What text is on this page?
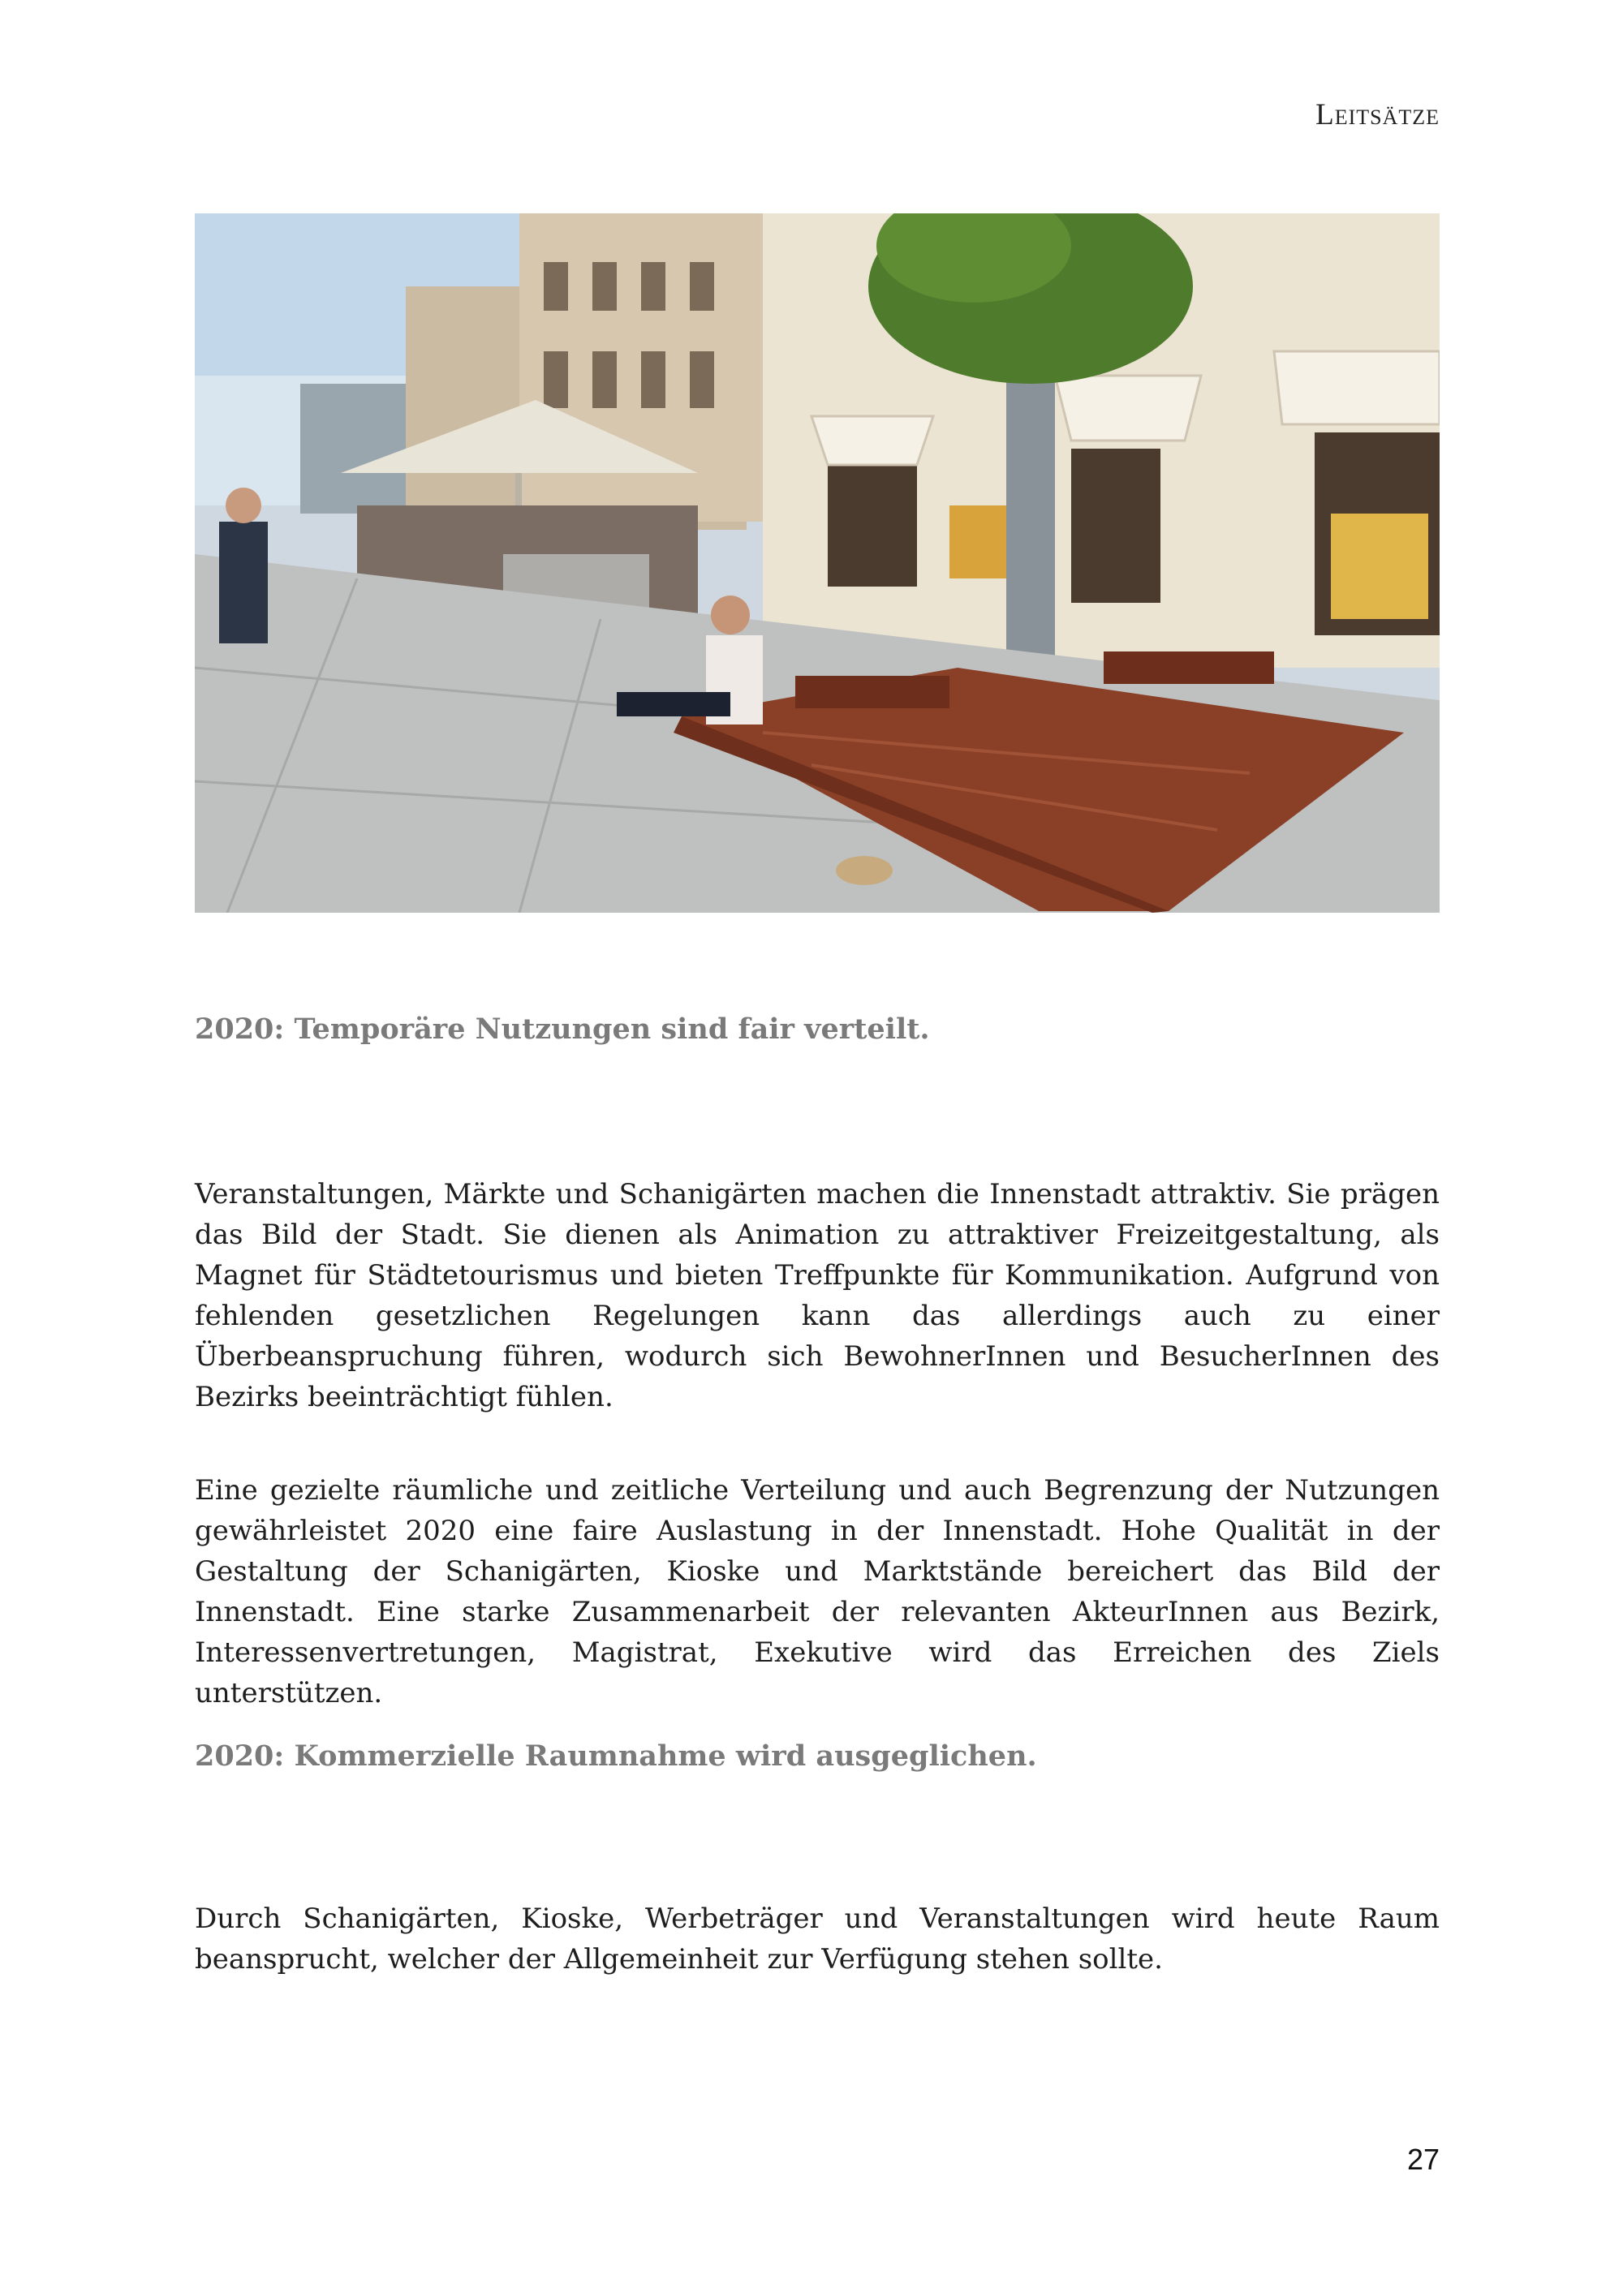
Leitsätze
2020: Temporäre Nutzungen sind fair verteilt.

Veranstaltungen, Märkte und Schanigärten machen die Innenstadt attraktiv. Sie prägen das Bild der Stadt. Sie dienen als Animation zu attraktiver Freizeitgestaltung, als Magnet für Städtetourismus und bieten Treffpunkte für Kommunikation. Aufgrund von fehlenden gesetzlichen Regelungen kann das allerdings auch zu einer Überbeanspruchung führen, wodurch sich BewohnerInnen und BesucherInnen des Bezirks beeinträchtigt fühlen.

Eine gezielte räumliche und zeitliche Verteilung und auch Begrenzung der Nutzungen gewährleistet 2020 eine faire Auslastung in der Innenstadt. Hohe Qualität in der Gestaltung der Schanigärten, Kioske und Marktstände bereichert das Bild der Innenstadt. Eine starke Zusammenarbeit der relevanten AkteurInnen aus Bezirk, Interessenvertretungen, Magistrat, Exekutive wird das Erreichen des Ziels unterstützen.

2020: Kommerzielle Raumnahme wird ausgeglichen.

Durch Schanigärten, Kioske, Werbeträger und Veranstaltungen wird heute Raum beansprucht, welcher der Allgemeinheit zur Verfügung stehen sollte.

27
